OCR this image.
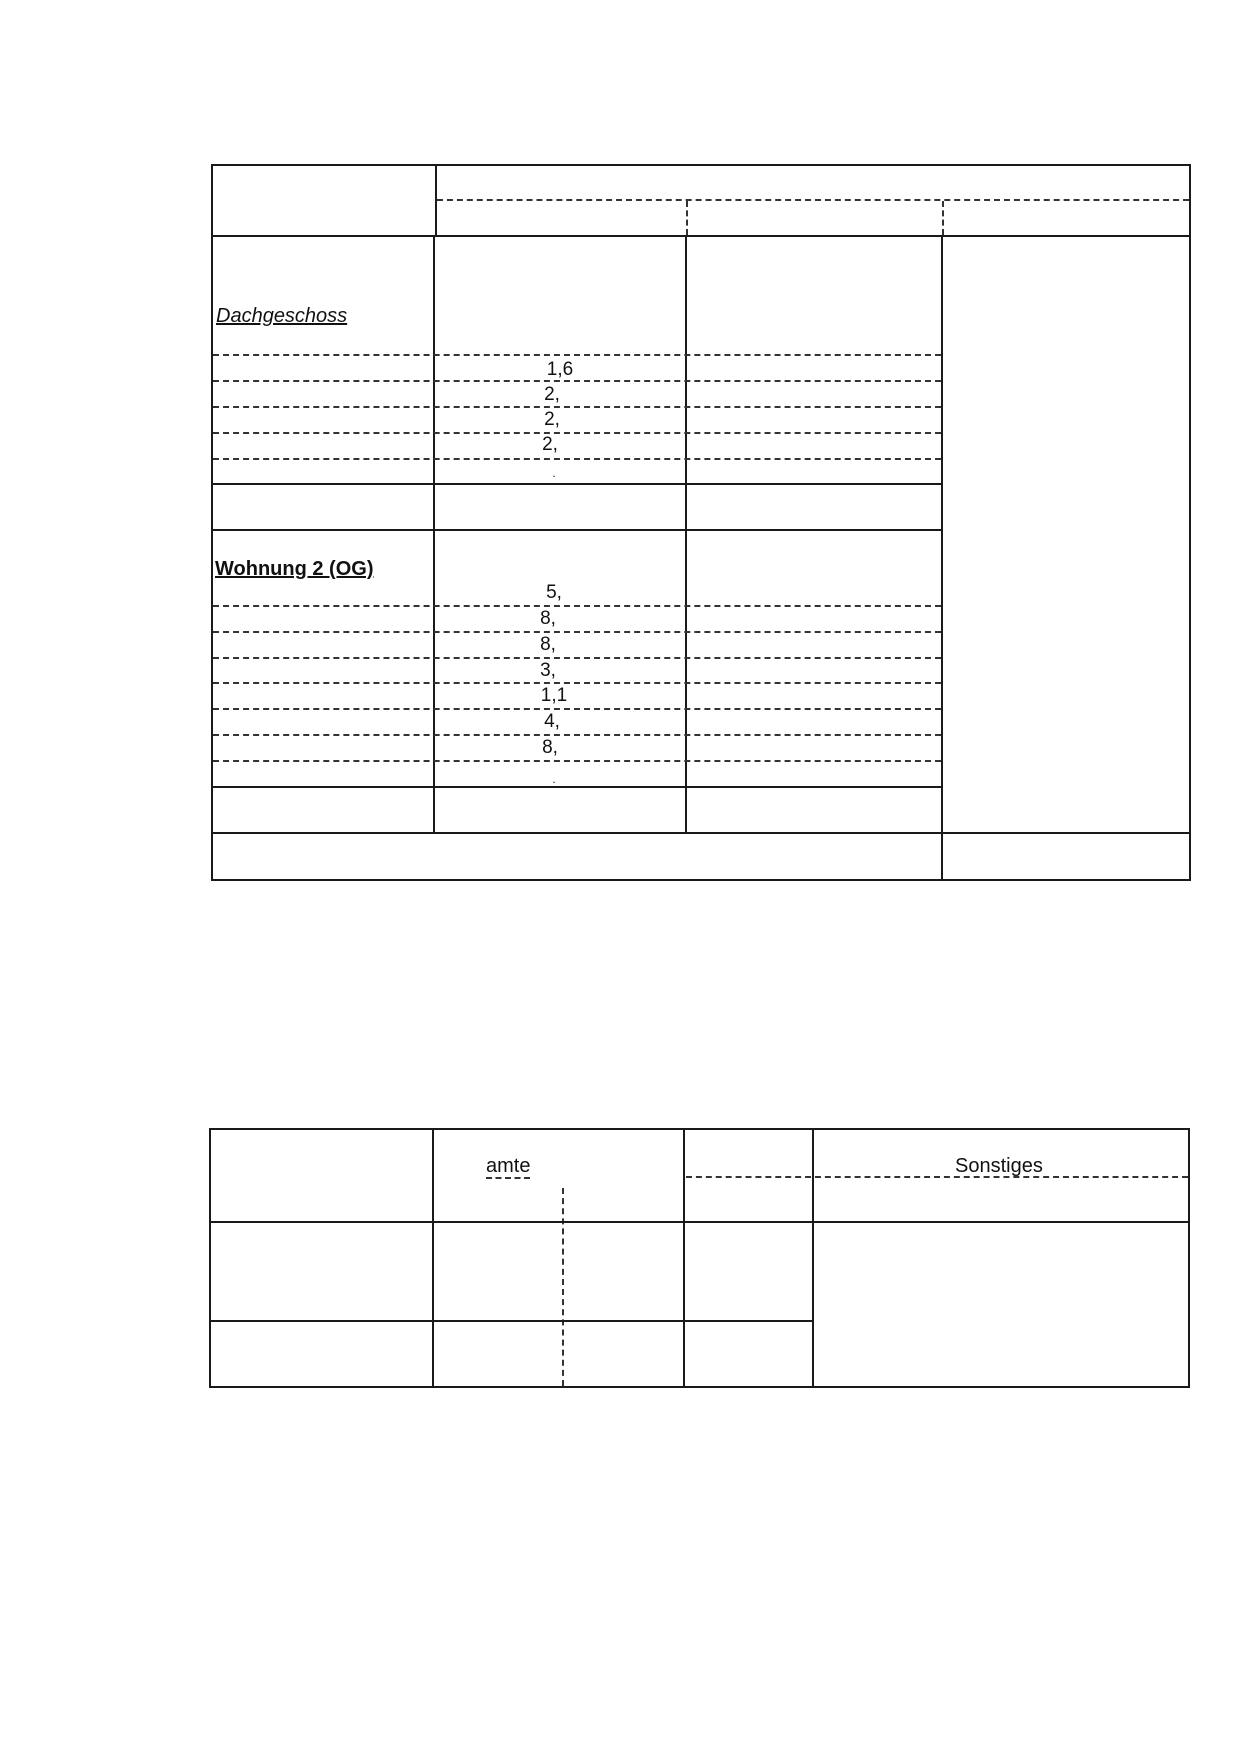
Dachgeschoss
1,6
2,
2,
2,
.
Wohnung 2 (OG)
5,
8,
8,
3,
1,1
4,
8,
.
amte	Sonstiges
